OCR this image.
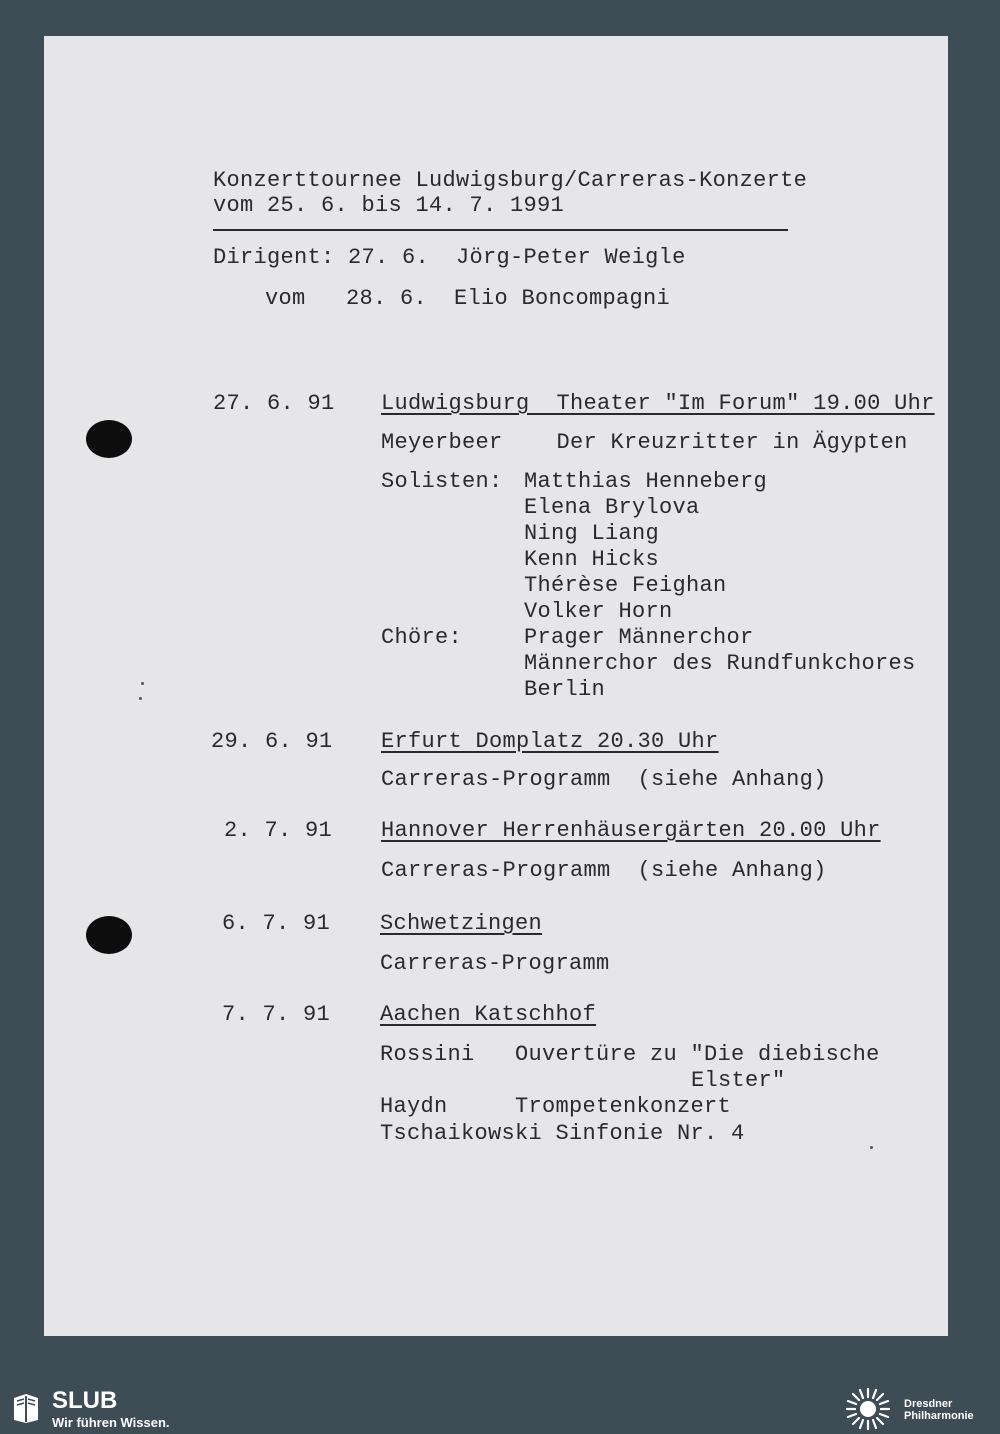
Konzerttournee Ludwigsburg/Carreras-Konzerte
vom 25. 6. bis 14. 7. 1991
Dirigent: 27. 6.  Jörg-Peter Weigle
vom   28. 6.  Elio Boncompagni
27. 6. 91 Ludwigsburg  Theater "Im Forum" 19.00 Uhr
Meyerbeer    Der Kreuzritter in Ägypten
Solisten: Matthias Henneberg
Elena Brylova
Ning Liang
Kenn Hicks
Thérèse Feighan
Volker Horn
Chöre:	Prager Männerchor
Männerchor des Rundfunkchores
Berlin
29. 6. 91 Erfurt Domplatz 20.30 Uhr
Carreras-Programm  (siehe Anhang)
2. 7. 91 Hannover Herrenhäusergärten 20.00 Uhr
Carreras-Programm  (siehe Anhang)
6. 7. 91 Schwetzingen
Carreras-Programm
7. 7. 91 Aachen Katschhof
Rossini   Ouvertüre zu "Die diebische
Elster"
Haydn     Trompetenkonzert
Tschaikowski Sinfonie Nr. 4
SLUB
Wir führen Wissen.
Dresdner
Philharmonie
